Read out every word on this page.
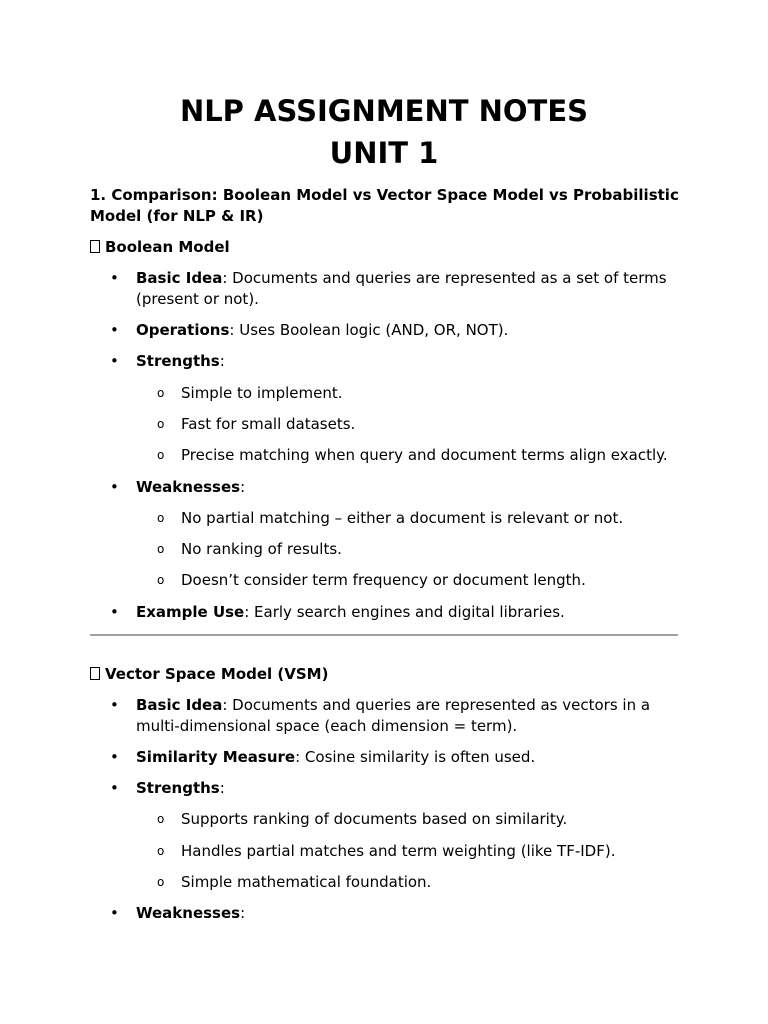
NLP ASSIGNMENT NOTES
UNIT 1
1. Comparison: Boolean Model vs Vector Space Model vs Probabilistic Model (for NLP & IR)
Boolean Model
• Basic Idea: Documents and queries are represented as a set of terms (present or not).
• Operations: Uses Boolean logic (AND, OR, NOT).
• Strengths:
o Simple to implement.
o Fast for small datasets.
o Precise matching when query and document terms align exactly.
• Weaknesses:
o No partial matching – either a document is relevant or not.
o No ranking of results.
o Doesn’t consider term frequency or document length.
• Example Use: Early search engines and digital libraries.
Vector Space Model (VSM)
• Basic Idea: Documents and queries are represented as vectors in a multi-dimensional space (each dimension = term).
• Similarity Measure: Cosine similarity is often used.
• Strengths:
o Supports ranking of documents based on similarity.
o Handles partial matches and term weighting (like TF-IDF).
o Simple mathematical foundation.
• Weaknesses:
